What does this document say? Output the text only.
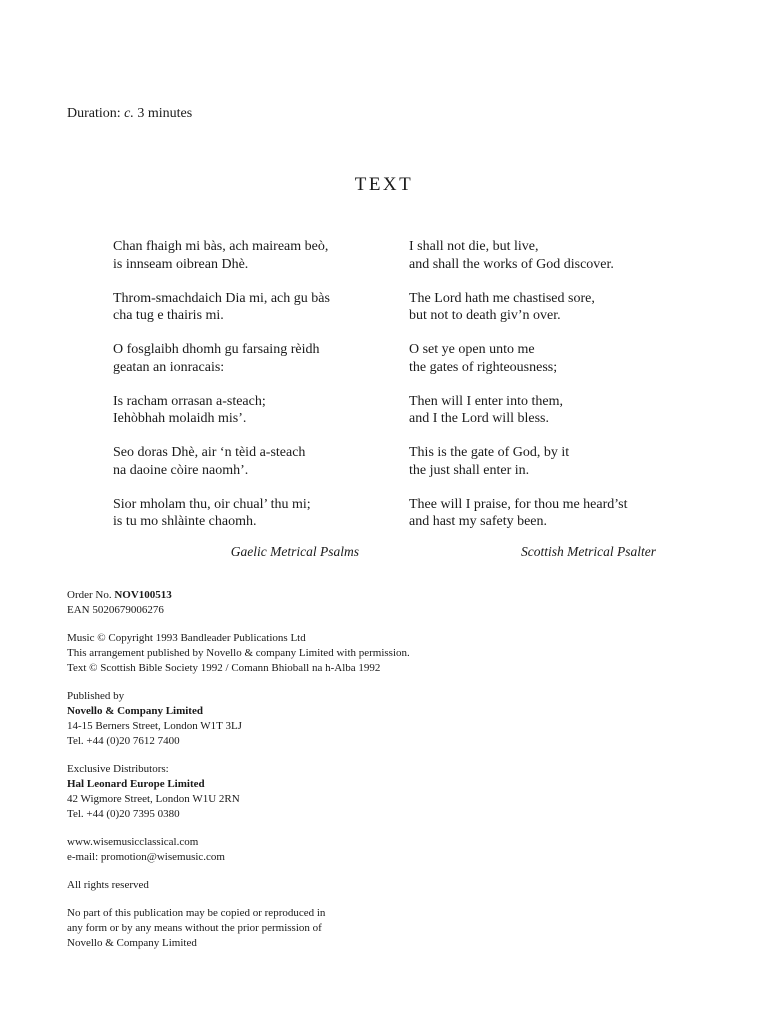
Duration: c. 3 minutes
TEXT
Chan fhaigh mi bàs, ach maiream beò,
is innseam oibrean Dhè.
Throm-smachdaich Dia mi, ach gu bàs
cha tug e thairis mi.
O fosglaibh dhomh gu farsaing rèidh
geatan an ionracais:
Is racham orrasan a-steach;
Iehòbhah molaidh mis’.
Seo doras Dhè, air ‘n tèid a-steach
na daoine còire naomh’.
Sior mholam thu, oir chual’ thu mi;
is tu mo shlàinte chaomh.
I shall not die, but live,
and shall the works of God discover.
The Lord hath me chastised sore,
but not to death giv’n over.
O set ye open unto me
the gates of righteousness;
Then will I enter into them,
and I the Lord will bless.
This is the gate of God, by it
the just shall enter in.
Thee will I praise, for thou me heard’st
and hast my safety been.
Gaelic Metrical Psalms	Scottish Metrical Psalter
Order No. NOV100513
EAN 5020679006276
Music © Copyright 1993 Bandleader Publications Ltd
This arrangement published by Novello & company Limited with permission.
Text © Scottish Bible Society 1992 / Comann Bhioball na h-Alba 1992
Published by
Novello & Company Limited
14-15 Berners Street, London W1T 3LJ
Tel. +44 (0)20 7612 7400
Exclusive Distributors:
Hal Leonard Europe Limited
42 Wigmore Street, London W1U 2RN
Tel. +44 (0)20 7395 0380
www.wisemusicclassical.com
e-mail: promotion@wisemusic.com
All rights reserved
No part of this publication may be copied or reproduced in
any form or by any means without the prior permission of
Novello & Company Limited
